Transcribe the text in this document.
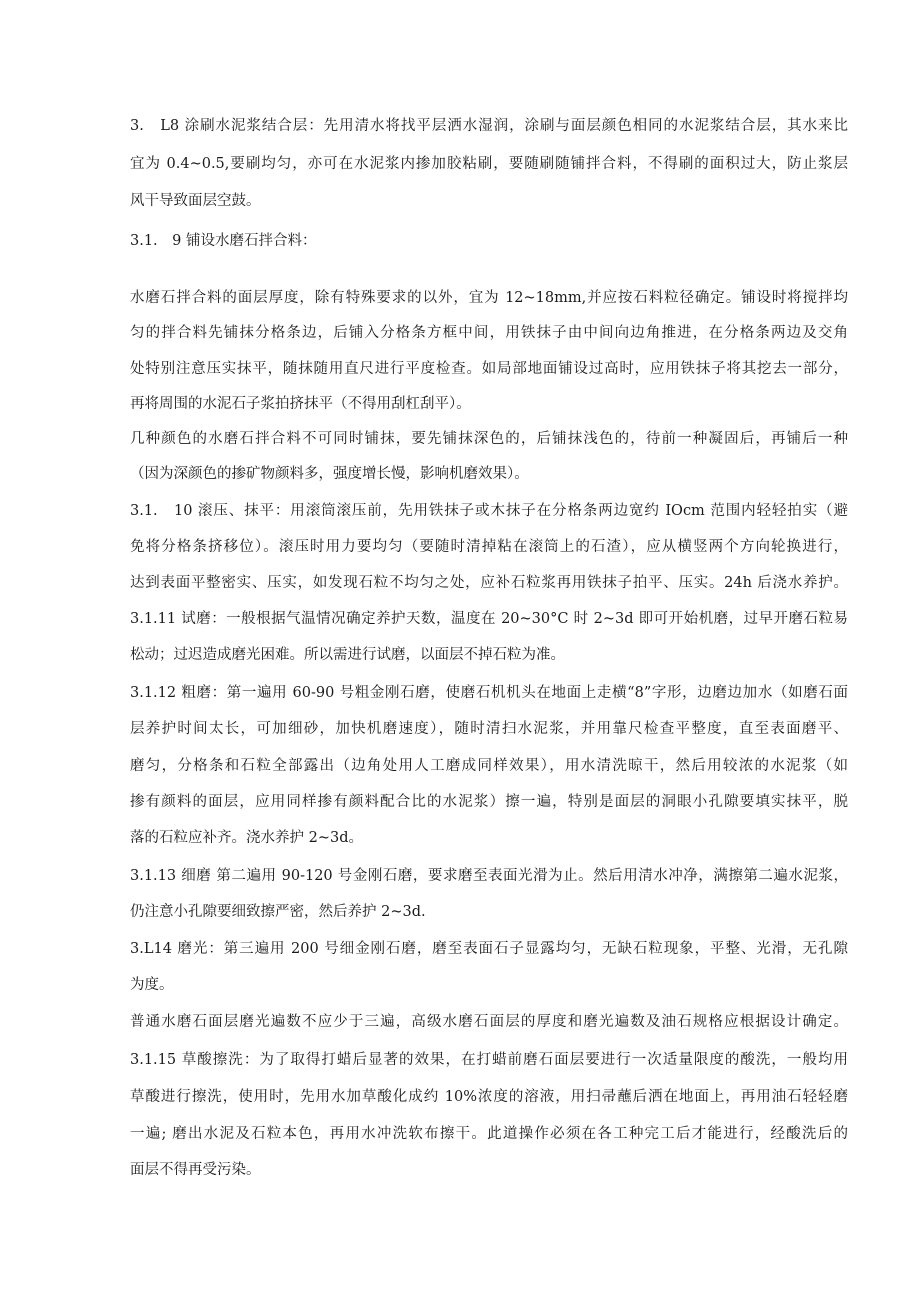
3.　L8 涂刷水泥浆结合层：先用清水将找平层洒水湿润，涂刷与面层颜色相同的水泥浆结合层，其水来比
宜为 0.4~0.5,要刷均匀，亦可在水泥浆内掺加胶粘刷，要随刷随铺拌合料，不得刷的面积过大，防止浆层
风干导致面层空鼓。
3.1.　9 铺设水磨石拌合料：
水磨石拌合料的面层厚度，除有特殊要求的以外，宜为 12~18mm,并应按石料粒径确定。铺设时将搅拌均
匀的拌合料先铺抹分格条边，后铺入分格条方框中间，用铁抹子由中间向边角推进，在分格条两边及交角
处特别注意压实抹平，随抹随用直尺进行平度检查。如局部地面铺设过高时，应用铁抹子将其挖去一部分，
再将周围的水泥石子浆拍挤抹平（不得用刮杠刮平）。
几种颜色的水磨石拌合料不可同时铺抹，要先铺抹深色的，后铺抹浅色的，待前一种凝固后，再铺后一种
（因为深颜色的掺矿物颜料多，强度增长慢，影响机磨效果）。
3.1.　10 滚压、抹平：用滚筒滚压前，先用铁抹子或木抹子在分格条两边宽约 IOcm 范围内轻轻拍实（避
免将分格条挤移位）。滚压时用力要均匀（要随时清掉粘在滚筒上的石渣），应从横竖两个方向轮换进行，
达到表面平整密实、压实，如发现石粒不均匀之处，应补石粒浆再用铁抹子拍平、压实。24h 后浇水养护。
3.1.11 试磨：一般根据气温情况确定养护天数，温度在 20~30°C 时 2~3d 即可开始机磨，过早开磨石粒易
松动；过迟造成磨光困难。所以需进行试磨，以面层不掉石粒为准。
3.1.12 粗磨：第一遍用 60-90 号粗金刚石磨，使磨石机机头在地面上走横“8”字形，边磨边加水（如磨石面
层养护时间太长，可加细砂，加快机磨速度），随时清扫水泥浆，并用靠尺检查平整度，直至表面磨平、
磨匀，分格条和石粒全部露出（边角处用人工磨成同样效果），用水清洗晾干，然后用较浓的水泥浆（如
掺有颜料的面层，应用同样掺有颜料配合比的水泥浆）擦一遍，特别是面层的洞眼小孔隙要填实抹平，脱
落的石粒应补齐。浇水养护 2~3d。
3.1.13 细磨 第二遍用 90-120 号金刚石磨，要求磨至表面光滑为止。然后用清水冲净，满擦第二遍水泥浆，
仍注意小孔隙要细致擦严密，然后养护 2~3d.
3.L14 磨光：第三遍用 200 号细金刚石磨，磨至表面石子显露均匀，无缺石粒现象，平整、光滑，无孔隙
为度。
普通水磨石面层磨光遍数不应少于三遍，高级水磨石面层的厚度和磨光遍数及油石规格应根据设计确定。
3.1.15 草酸擦洗：为了取得打蜡后显著的效果，在打蜡前磨石面层要进行一次适量限度的酸洗，一般均用
草酸进行擦洗，使用时，先用水加草酸化成约 10%浓度的溶液，用扫帚蘸后洒在地面上，再用油石轻轻磨
一遍; 磨出水泥及石粒本色，再用水冲洗软布擦干。此道操作必须在各工种完工后才能进行，经酸洗后的
面层不得再受污染。
